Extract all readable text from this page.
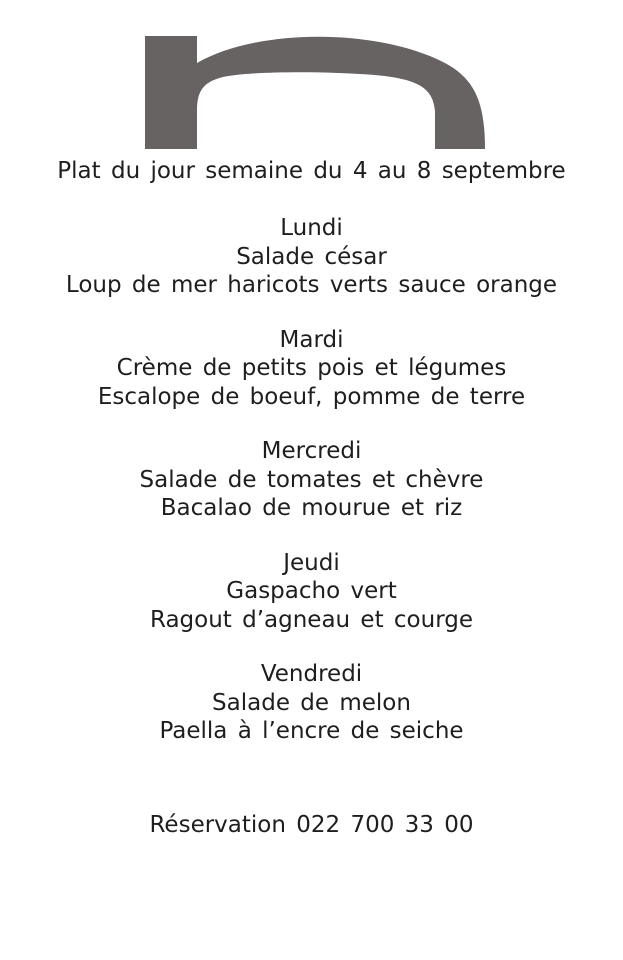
Plat du jour semaine du 4 au 8 septembre
Lundi
Salade césar
Loup de mer haricots verts sauce orange
Mardi
Crème de petits pois et légumes
Escalope de boeuf, pomme de terre
Mercredi
Salade de tomates et chèvre
Bacalao de mourue et riz
Jeudi
Gaspacho vert
Ragout d’agneau et courge
Vendredi
Salade de melon
Paella à l’encre de seiche
Réservation 022 700 33 00
